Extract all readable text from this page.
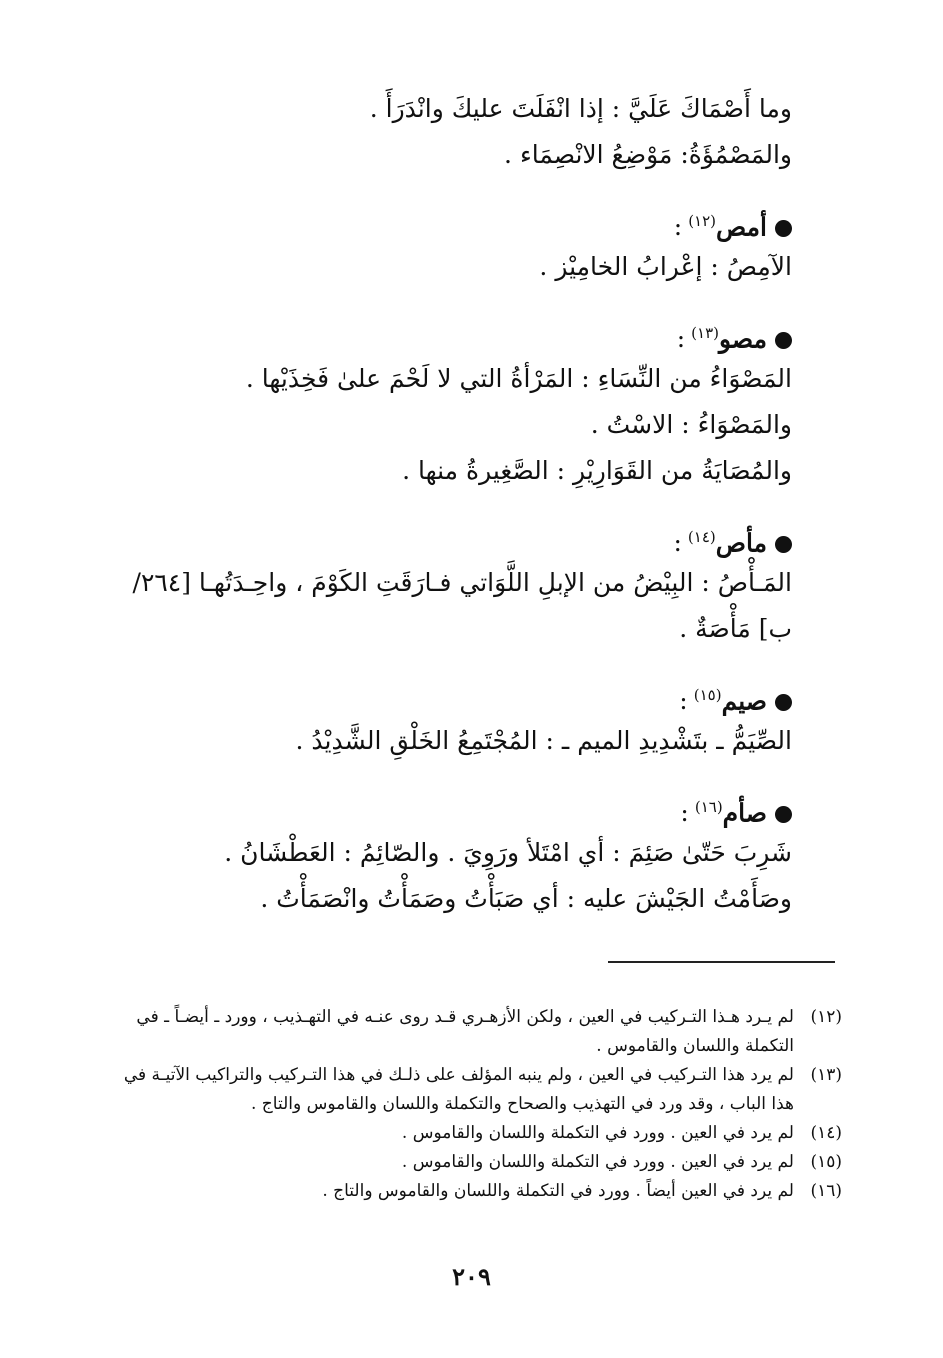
وما أَصْمَاكَ عَلَيَّ : إذا انْفَلَتَ عليكَ وانْدَرَأَ .
والمَصْمُؤَةُ: مَوْضِعُ الانْصِمَاء .
أمص$^{(١٢)}$:
الآمِصُ : إعْرابُ الخامِيْز .
مصو$^{(١٣)}$:
المَصْوَاءُ من النِّسَاءِ : المَرْأةُ التي لا لَحْمَ علىٰ فَخِذَيْها .
والمَصْوَاءُ : الاسْتُ .
والمُصَايَةُ من القَوَارِيْرِ : الصَّغِيرةُ منها .
مأص$^{(١٤)}$:
المَـأْصُ : البِيْضُ من الإبلِ اللَّوَاتي فـارَقَتِ الكَوْمَ ، واحِـدَتُهـا [٢٦٤/ب] مَأْصَةٌ .
صيم$^{(١٥)}$:
الصِّيَمُّ ـ بتَشْدِيدِ الميم ـ : المُجْتَمِعُ الخَلْقِ الشَّدِيْدُ .
صأم$^{(١٦)}$:
شَرِبَ حَتّىٰ صَئِمَ : أي امْتَلأ ورَوِيَ . والصّائِمُ : العَطْشَانُ .
وصَأَمْتُ الجَيْشَ عليه : أي صَبَأْتُ وصَمَأْتُ وانْصَمَأْتُ .
(١٢)
لم يـرد هـذا التـركيب في العين ، ولكن الأزهـري قـد روى عنـه في التهـذيب ، وورد ـ أيضـاً ـ في التكملة واللسان والقاموس .
(١٣)
لم يرد هذا التـركيب في العين ، ولم ينبه المؤلف على ذلـك في هذا التـركيب والتراكيب الآتيـة في هذا الباب ، وقد ورد في التهذيب والصحاح والتكملة واللسان والقاموس والتاج .
(١٤)
لم يرد في العين . وورد في التكملة واللسان والقاموس .
(١٥)
لم يرد في العين . وورد في التكملة واللسان والقاموس .
(١٦)
لم يرد في العين أيضاً . وورد في التكملة واللسان والقاموس والتاج .
٢٠٩
